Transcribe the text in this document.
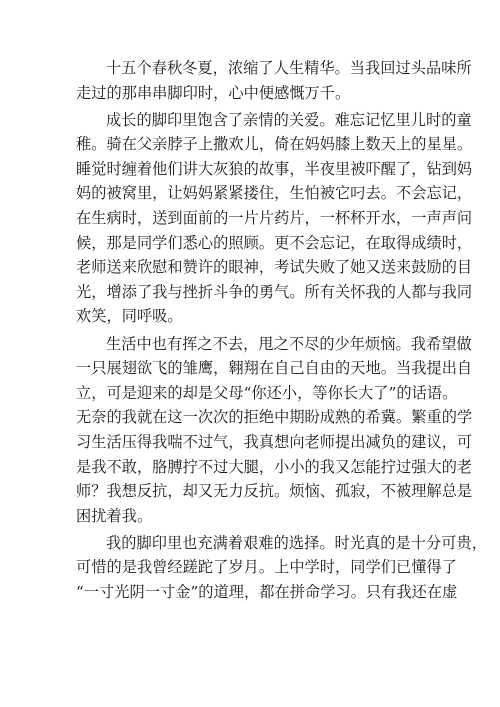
十五个春秋冬夏，浓缩了人生精华。当我回过头品味所
走过的那串串脚印时，心中便感慨万千。
成长的脚印里饱含了亲情的关爱。难忘记忆里儿时的童
稚。骑在父亲脖子上撒欢儿，倚在妈妈膝上数天上的星星。
睡觉时缠着他们讲大灰狼的故事，半夜里被吓醒了，钻到妈
妈的被窝里，让妈妈紧紧搂住，生怕被它叼去。不会忘记，
在生病时，送到面前的一片片药片，一杯杯开水，一声声问
候，那是同学们悉心的照顾。更不会忘记，在取得成绩时，
老师送来欣慰和赞许的眼神，考试失败了她又送来鼓励的目
光，增添了我与挫折斗争的勇气。所有关怀我的人都与我同
欢笑，同呼吸。
生活中也有挥之不去，甩之不尽的少年烦恼。我希望做
一只展翅欲飞的雏鹰，翱翔在自己自由的天地。当我提出自
立，可是迎来的却是父母“你还小，等你长大了”的话语。
无奈的我就在这一次次的拒绝中期盼成熟的希冀。繁重的学
习生活压得我喘不过气，我真想向老师提出减负的建议，可
是我不敢，胳膊拧不过大腿，小小的我又怎能拧过强大的老
师？我想反抗，却又无力反抗。烦恼、孤寂，不被理解总是
困扰着我。
我的脚印里也充满着艰难的选择。时光真的是十分可贵，
可惜的是我曾经蹉跎了岁月。上中学时，同学们已懂得了
“一寸光阴一寸金”的道理，都在拼命学习。只有我还在虚
